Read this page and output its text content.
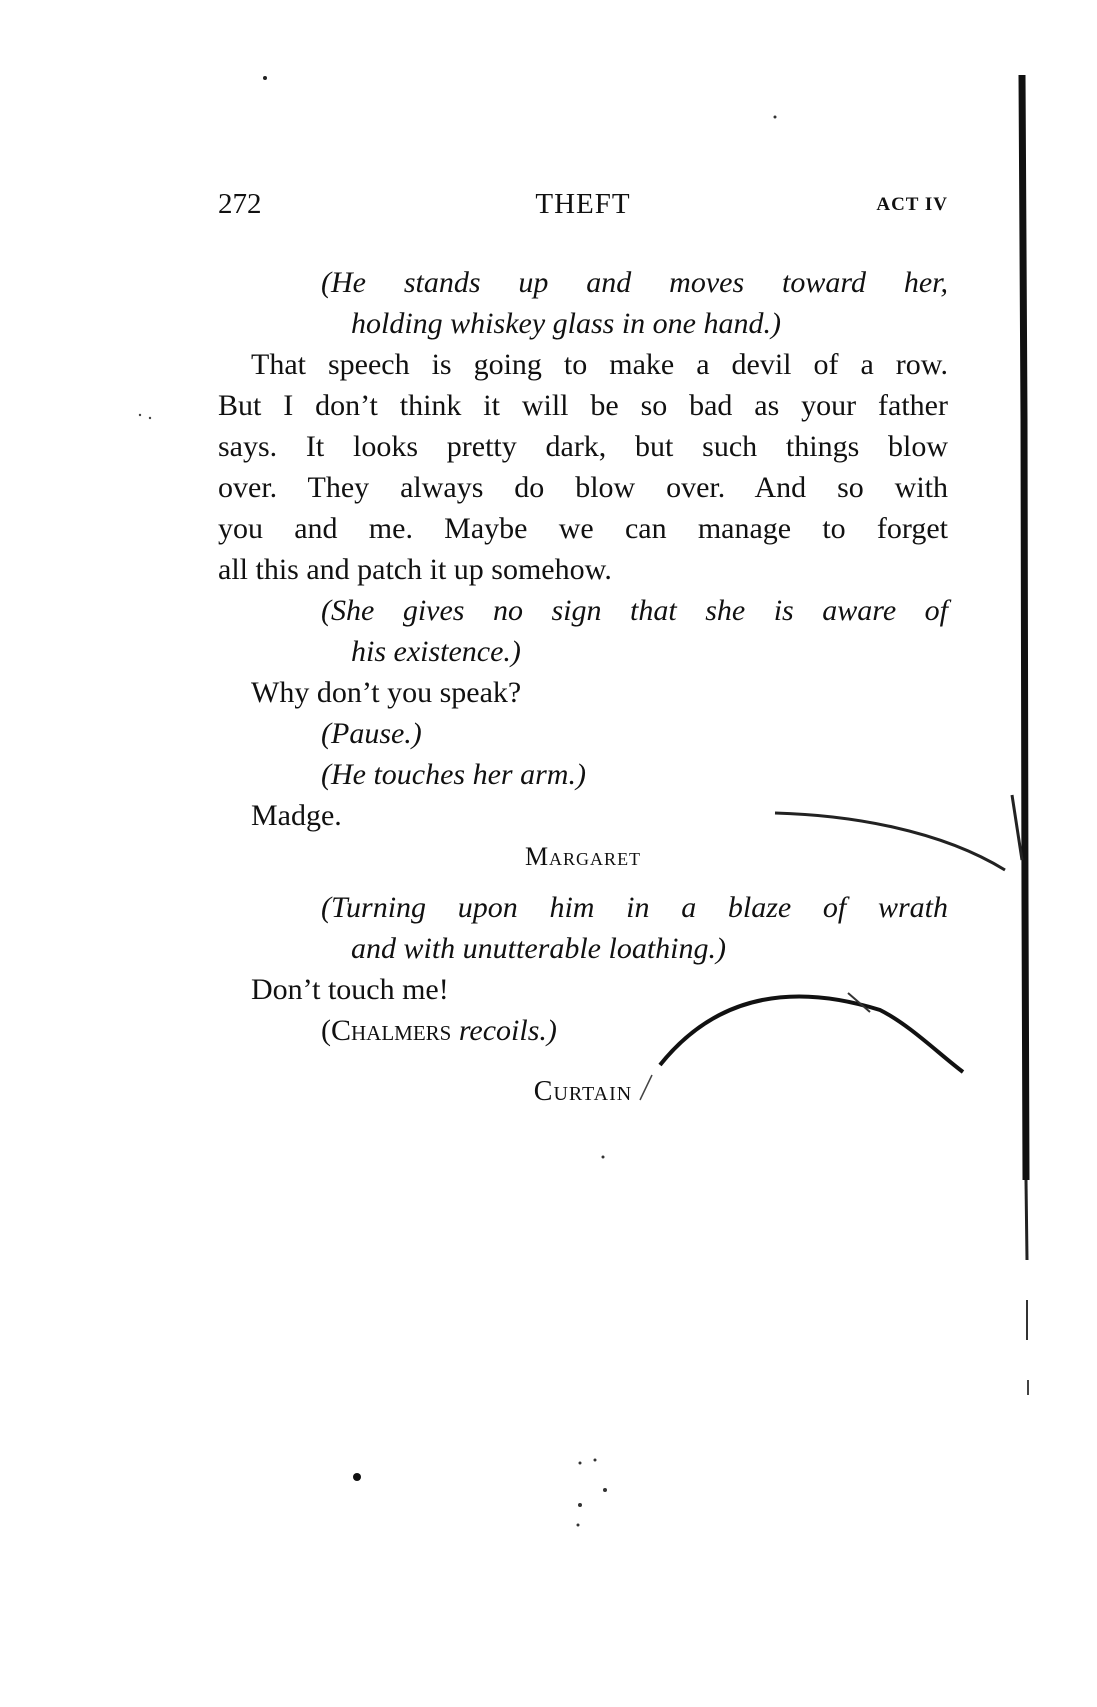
272	THEFT	ACT IV
(He stands up and moves toward her,
holding whiskey glass in one hand.)
That speech is going to make a devil of a row.
But I don’t think it will be so bad as your father
says. It looks pretty dark, but such things blow
over. They always do blow over. And so with
you and me. Maybe we can manage to forget
all this and patch it up somehow.
(She gives no sign that she is aware of
his existence.)
Why don’t you speak?
(Pause.)
(He touches her arm.)
Madge.
Margaret
(Turning upon him in a blaze of wrath
and with unutterable loathing.)
Don’t touch me!
(Chalmers recoils.)
Curtain
